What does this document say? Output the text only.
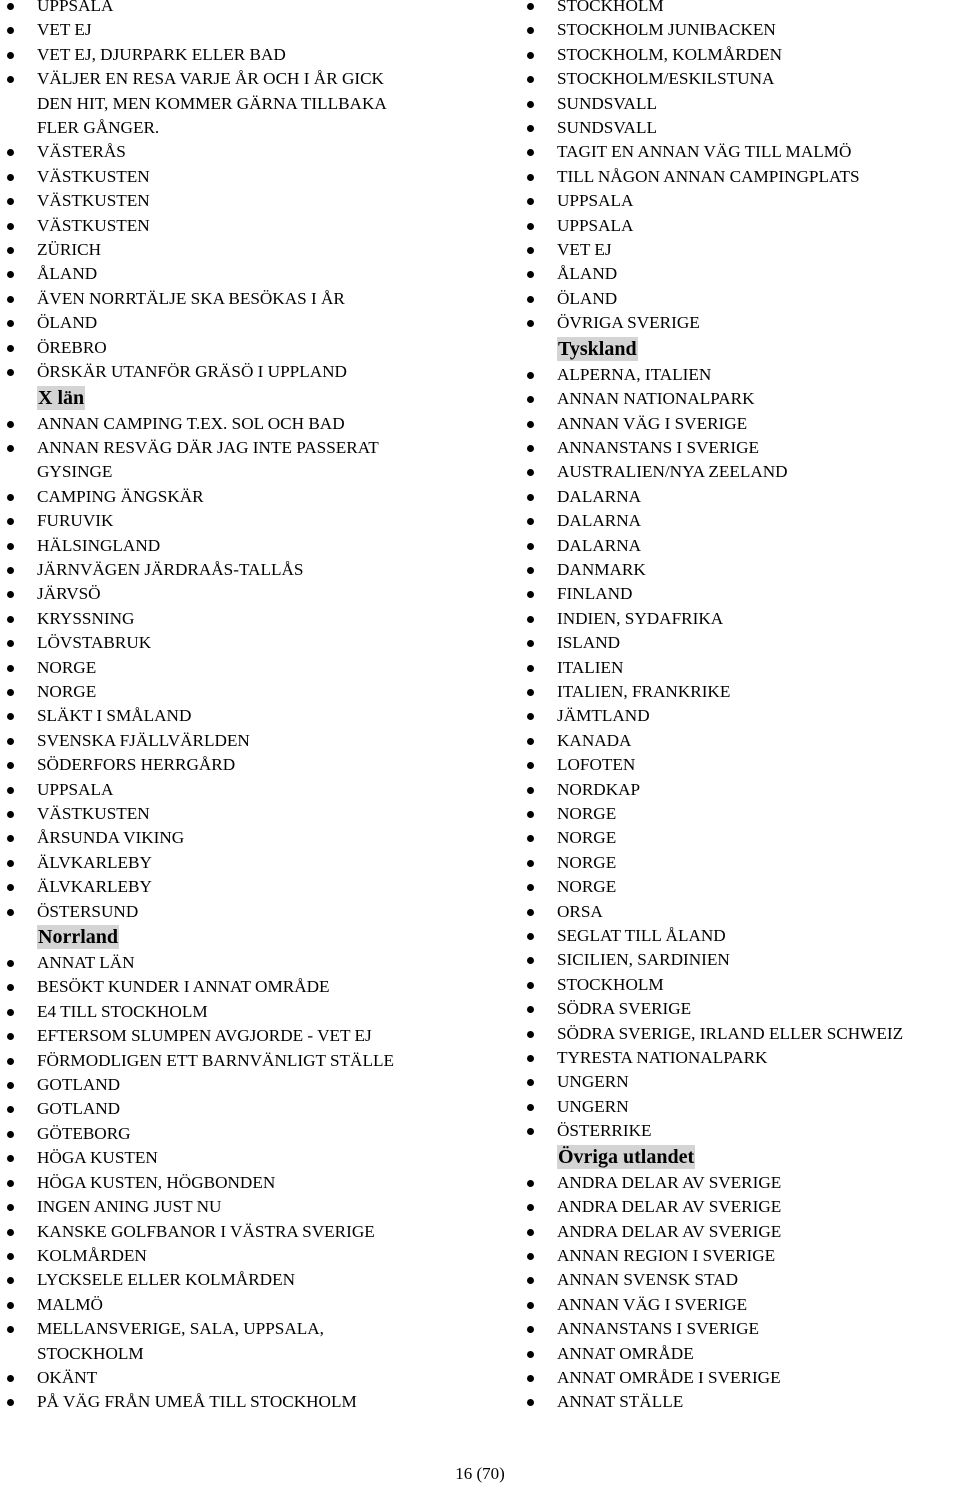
UPPSALA
VET EJ
VET EJ, DJURPARK ELLER BAD
VÄLJER EN RESA VARJE ÅR OCH I ÅR GICK
DEN HIT, MEN KOMMER GÄRNA TILLBAKA
FLER GÅNGER.
VÄSTERÅS
VÄSTKUSTEN
VÄSTKUSTEN
VÄSTKUSTEN
ZÜRICH
ÅLAND
ÄVEN NORRTÄLJE SKA BESÖKAS I ÅR
ÖLAND
ÖREBRO
ÖRSKÄR UTANFÖR GRÄSÖ I UPPLAND
X län
ANNAN CAMPING T.EX. SOL OCH BAD
ANNAN RESVÄG DÄR JAG INTE PASSERAT
GYSINGE
CAMPING ÄNGSKÄR
FURUVIK
HÄLSINGLAND
JÄRNVÄGEN JÄRDRAÅS-TALLÅS
JÄRVSÖ
KRYSSNING
LÖVSTABRUK
NORGE
NORGE
SLÄKT I SMÅLAND
SVENSKA FJÄLLVÄRLDEN
SÖDERFORS HERRGÅRD
UPPSALA
VÄSTKUSTEN
ÅRSUNDA VIKING
ÄLVKARLEBY
ÄLVKARLEBY
ÖSTERSUND
Norrland
ANNAT LÄN
BESÖKT KUNDER I ANNAT OMRÅDE
E4 TILL STOCKHOLM
EFTERSOM SLUMPEN AVGJORDE - VET EJ
FÖRMODLIGEN ETT BARNVÄNLIGT STÄLLE
GOTLAND
GOTLAND
GÖTEBORG
HÖGA KUSTEN
HÖGA KUSTEN, HÖGBONDEN
INGEN ANING JUST NU
KANSKE GOLFBANOR I VÄSTRA SVERIGE
KOLMÅRDEN
LYCKSELE ELLER KOLMÅRDEN
MALMÖ
MELLANSVERIGE, SALA, UPPSALA,
STOCKHOLM
OKÄNT
PÅ VÄG FRÅN UMEÅ TILL STOCKHOLM
STOCKHOLM
STOCKHOLM JUNIBACKEN
STOCKHOLM, KOLMÅRDEN
STOCKHOLM/ESKILSTUNA
SUNDSVALL
SUNDSVALL
TAGIT EN ANNAN VÄG TILL MALMÖ
TILL NÅGON ANNAN CAMPINGPLATS
UPPSALA
UPPSALA
VET EJ
ÅLAND
ÖLAND
ÖVRIGA SVERIGE
Tyskland
ALPERNA, ITALIEN
ANNAN NATIONALPARK
ANNAN VÄG I SVERIGE
ANNANSTANS I SVERIGE
AUSTRALIEN/NYA ZEELAND
DALARNA
DALARNA
DALARNA
DANMARK
FINLAND
INDIEN, SYDAFRIKA
ISLAND
ITALIEN
ITALIEN, FRANKRIKE
JÄMTLAND
KANADA
LOFOTEN
NORDKAP
NORGE
NORGE
NORGE
NORGE
ORSA
SEGLAT TILL ÅLAND
SICILIEN, SARDINIEN
STOCKHOLM
SÖDRA SVERIGE
SÖDRA SVERIGE, IRLAND ELLER SCHWEIZ
TYRESTA NATIONALPARK
UNGERN
UNGERN
ÖSTERRIKE
Övriga utlandet
ANDRA DELAR AV SVERIGE
ANDRA DELAR AV SVERIGE
ANDRA DELAR AV SVERIGE
ANNAN REGION I SVERIGE
ANNAN SVENSK STAD
ANNAN VÄG I SVERIGE
ANNANSTANS I SVERIGE
ANNAT OMRÅDE
ANNAT OMRÅDE I SVERIGE
ANNAT STÄLLE
16 (70)
